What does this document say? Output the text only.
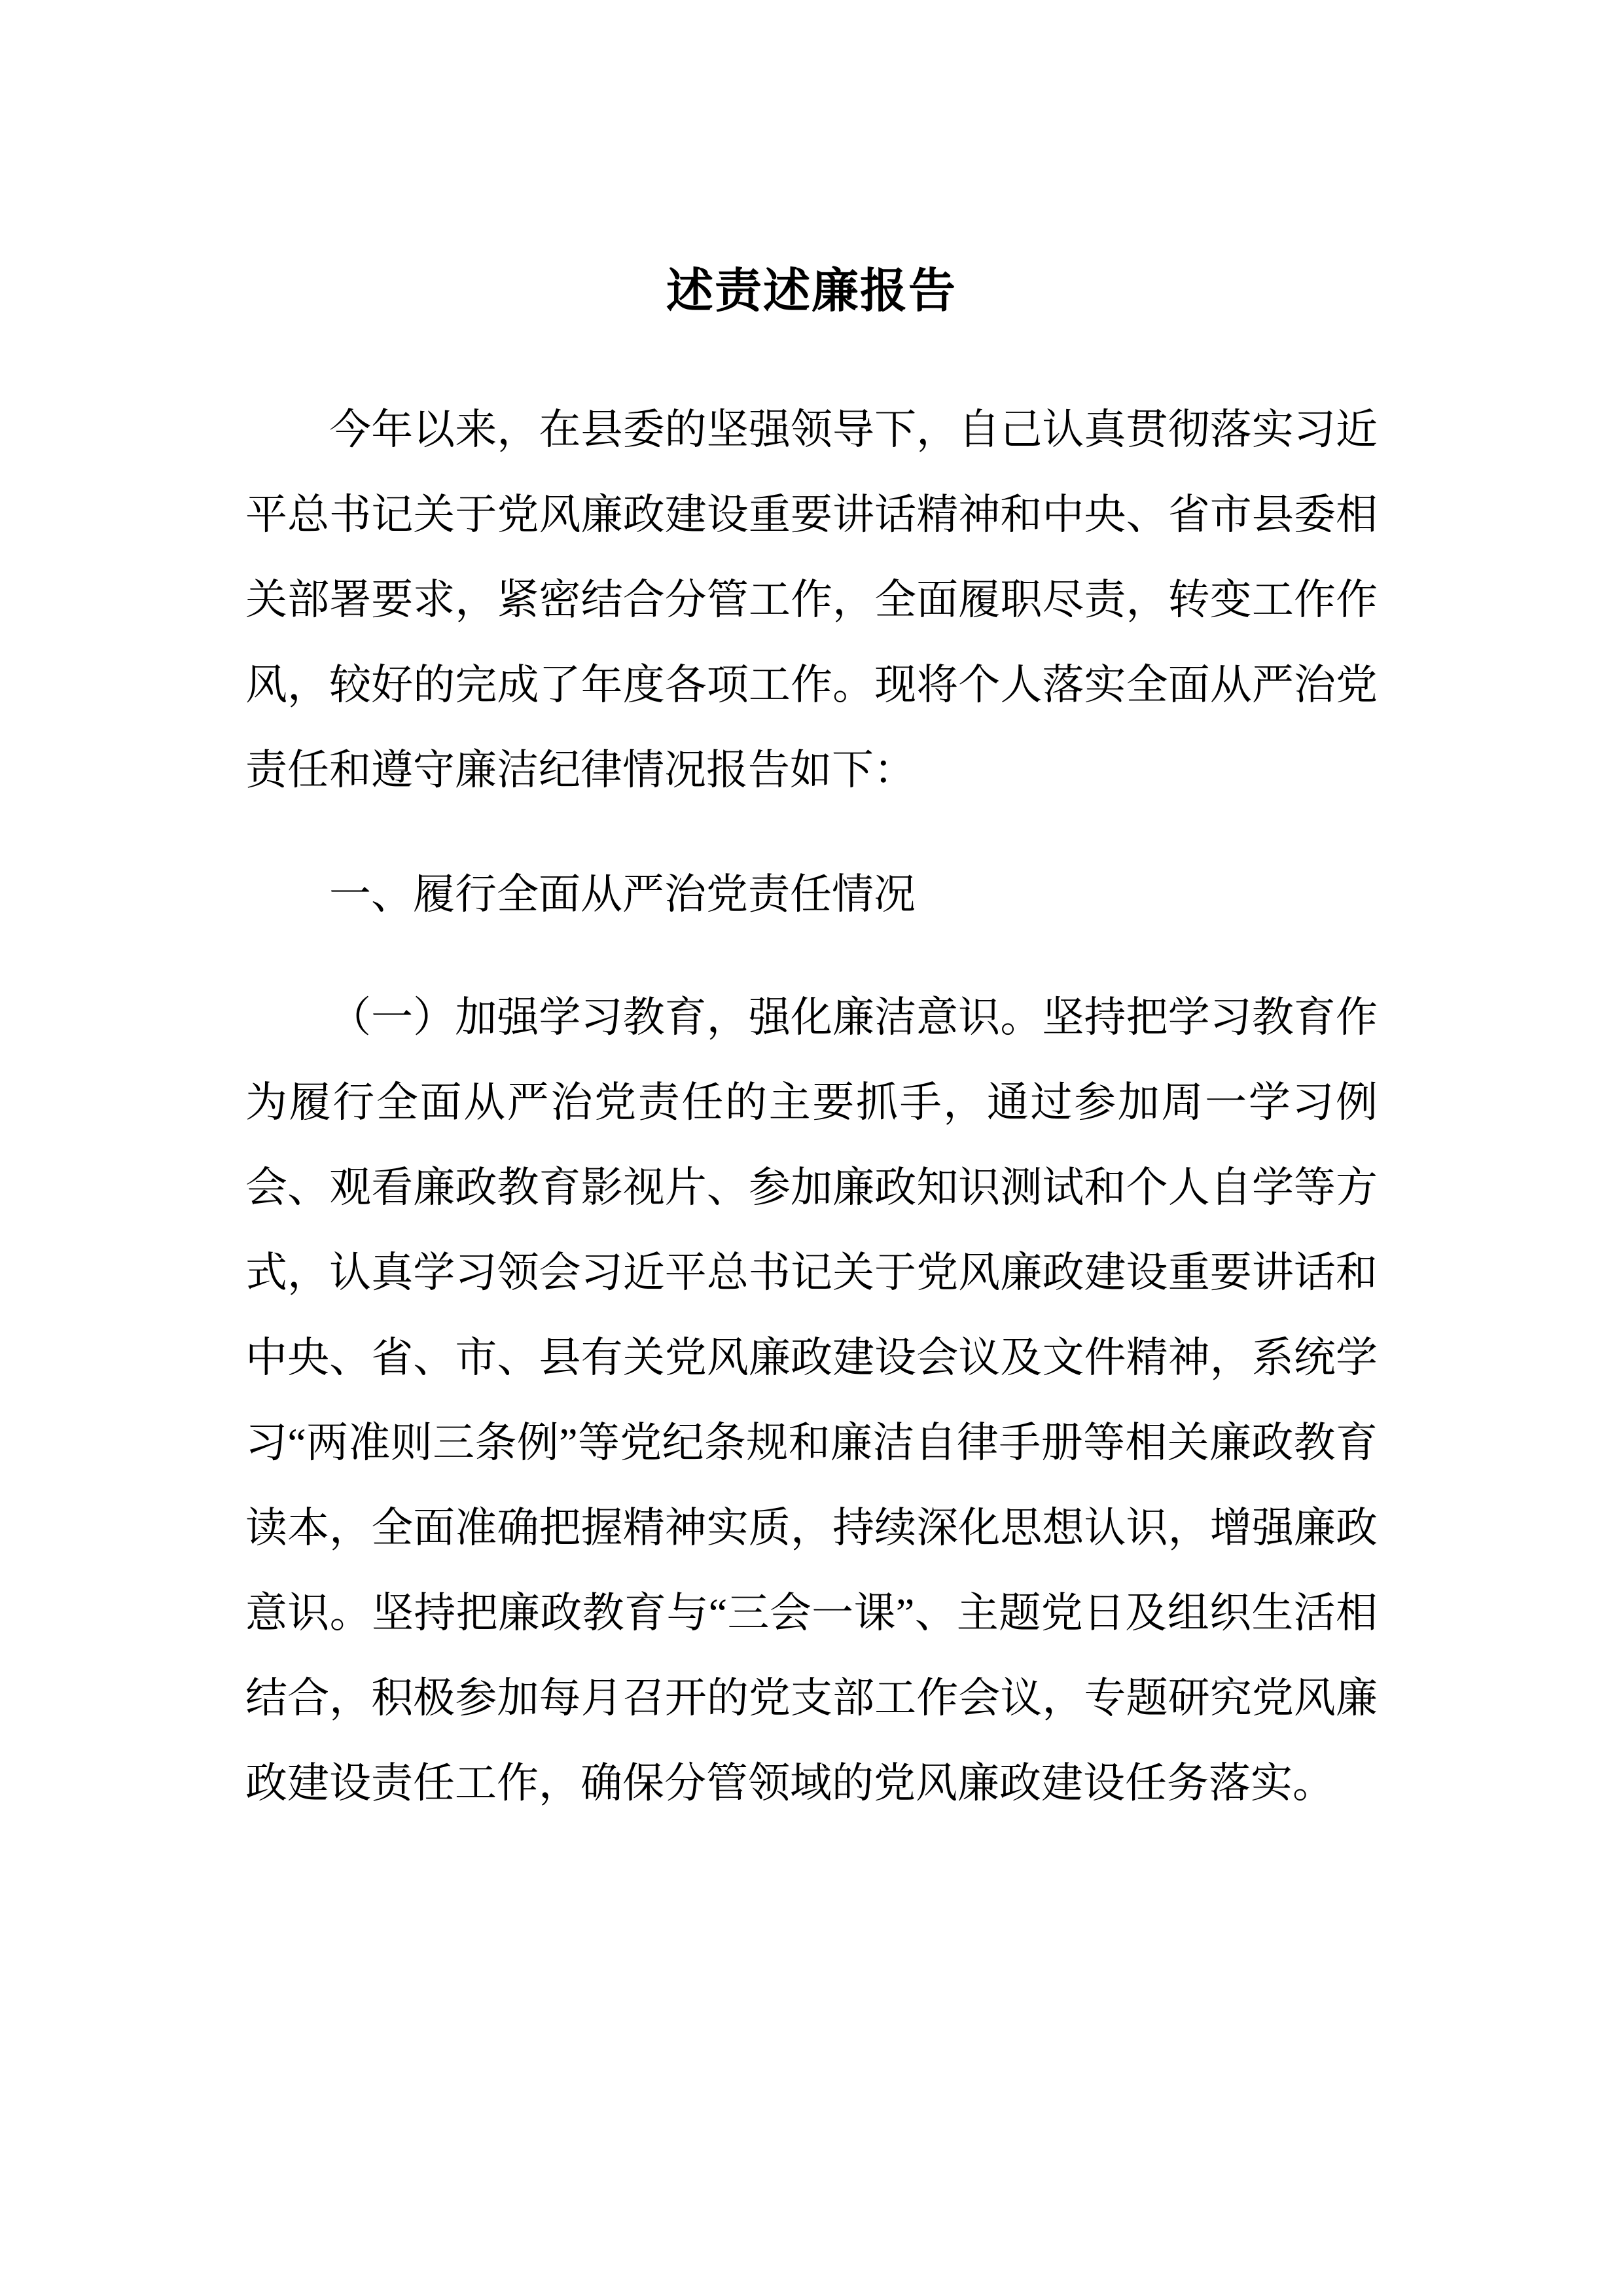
述责述廉报告

今年以来，在县委的坚强领导下，自己认真贯彻落实习近平总书记关于党风廉政建设重要讲话精神和中央、省市县委相关部署要求，紧密结合分管工作，全面履职尽责，转变工作作风，较好的完成了年度各项工作。现将个人落实全面从严治党责任和遵守廉洁纪律情况报告如下：

一、履行全面从严治党责任情况

（一）加强学习教育，强化廉洁意识。坚持把学习教育作为履行全面从严治党责任的主要抓手，通过参加周一学习例会、观看廉政教育影视片、参加廉政知识测试和个人自学等方式，认真学习领会习近平总书记关于党风廉政建设重要讲话和中央、省、市、县有关党风廉政建设会议及文件精神，系统学习“两准则三条例”等党纪条规和廉洁自律手册等相关廉政教育读本，全面准确把握精神实质，持续深化思想认识，增强廉政意识。坚持把廉政教育与“三会一课”、主题党日及组织生活相结合，积极参加每月召开的党支部工作会议，专题研究党风廉政建设责任工作，确保分管领域的党风廉政建设任务落实。
